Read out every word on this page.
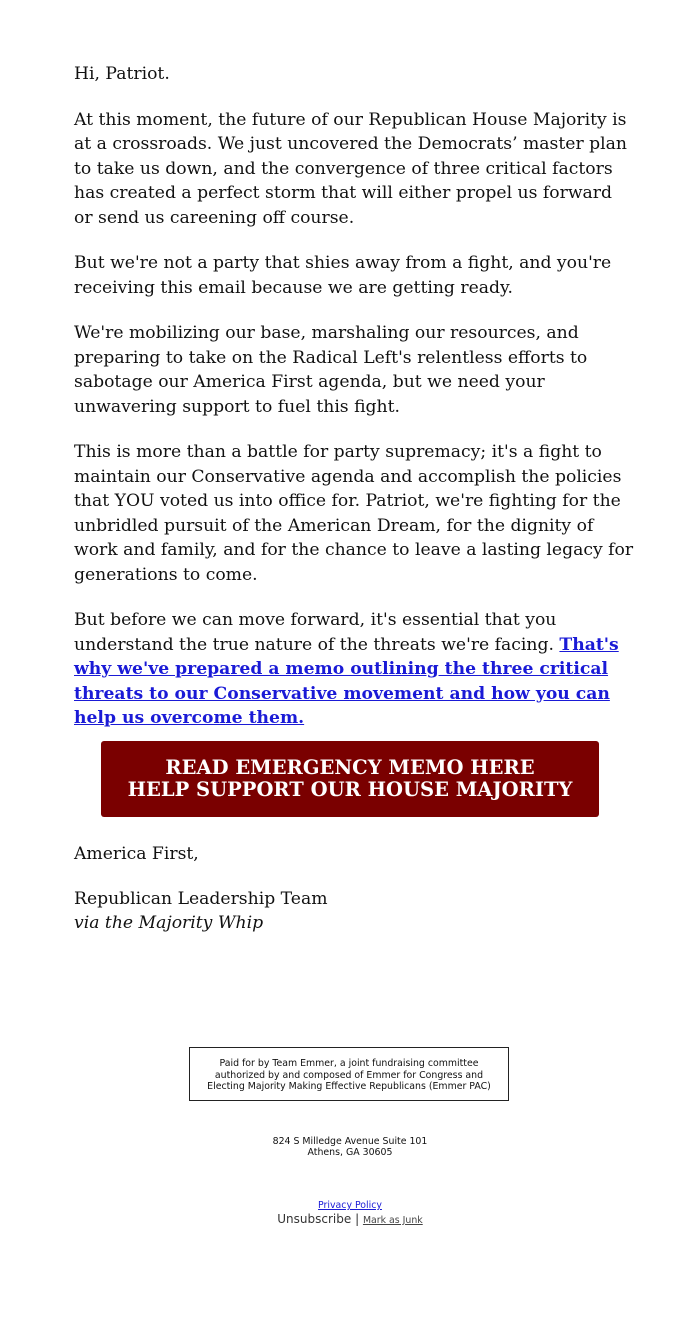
Hi, Patriot.

At this moment, the future of our Republican House Majority is at a crossroads. We just uncovered the Democrats’ master plan to take us down, and the convergence of three critical factors has created a perfect storm that will either propel us forward or send us careening off course.

But we're not a party that shies away from a fight, and you're receiving this email because we are getting ready.

We're mobilizing our base, marshaling our resources, and preparing to take on the Radical Left's relentless efforts to sabotage our America First agenda, but we need your unwavering support to fuel this fight.

This is more than a battle for party supremacy; it's a fight to maintain our Conservative agenda and accomplish the policies that YOU voted us into office for. Patriot, we're fighting for the unbridled pursuit of the American Dream, for the dignity of work and family, and for the chance to leave a lasting legacy for generations to come.

But before we can move forward, it's essential that you understand the true nature of the threats we're facing. That's why we've prepared a memo outlining the three critical threats to our Conservative movement and how you can help us overcome them.

READ EMERGENCY MEMO HERE
HELP SUPPORT OUR HOUSE MAJORITY

America First,

Republican Leadership Team
via the Majority Whip

Paid for by Team Emmer, a joint fundraising committee
authorized by and composed of Emmer for Congress and
Electing Majority Making Effective Republicans (Emmer PAC)
824 S Milledge Avenue Suite 101
Athens, GA 30605
Privacy Policy
Unsubscribe | Mark as Junk
